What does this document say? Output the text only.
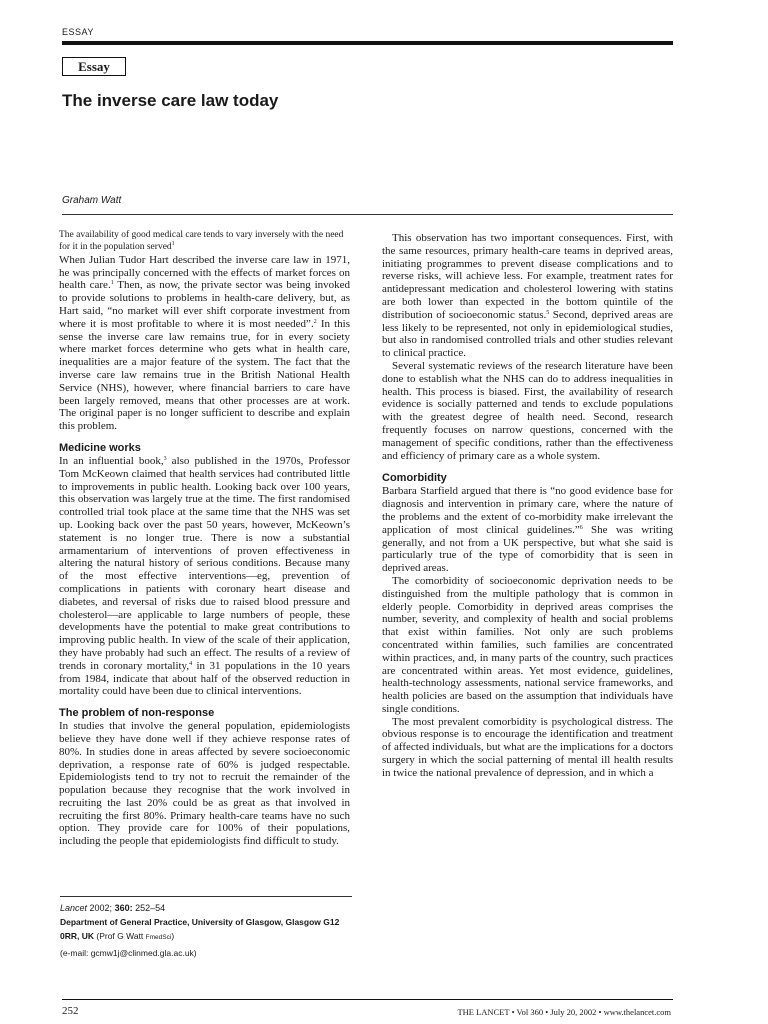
ESSAY
Essay
The inverse care law today
Graham Watt

The availability of good medical care tends to vary inversely with the need for it in the population served$^1$

When Julian Tudor Hart described the inverse care law in 1971, he was principally concerned with the effects of market forces on health care.$^1$ Then, as now, the private sector was being invoked to provide solutions to problems in health-care delivery, but, as Hart said, “no market will ever shift corporate investment from where it is most profitable to where it is most needed”.$^2$ In this sense the inverse care law remains true, for in every society where market forces determine who gets what in health care, inequalities are a major feature of the system. The fact that the inverse care law remains true in the British National Health Service (NHS), however, where financial barriers to care have been largely removed, means that other processes are at work. The original paper is no longer sufficient to describe and explain this problem.

Medicine works

In an influential book,$^3$ also published in the 1970s, Professor Tom McKeown claimed that health services had contributed little to improvements in public health. Looking back over 100 years, this observation was largely true at the time. The first randomised controlled trial took place at the same time that the NHS was set up. Looking back over the past 50 years, however, McKeown’s statement is no longer true. There is now a substantial armamentarium of interventions of proven effectiveness in altering the natural history of serious conditions. Because many of the most effective interventions—eg, prevention of complications in patients with coronary heart disease and diabetes, and reversal of risks due to raised blood pressure and cholesterol—are applicable to large numbers of people, these developments have the potential to make great contributions to improving public health. In view of the scale of their application, they have probably had such an effect. The results of a review of trends in coronary mortality,$^4$ in 31 populations in the 10 years from 1984, indicate that about half of the observed reduction in mortality could have been due to clinical interventions.

The problem of non-response

In studies that involve the general population, epidemiologists believe they have done well if they achieve response rates of 80%. In studies done in areas affected by severe socioeconomic deprivation, a response rate of 60% is judged respectable. Epidemiologists tend to try not to recruit the remainder of the population because they recognise that the work involved in recruiting the last 20% could be as great as that involved in recruiting the first 80%. Primary health-care teams have no such option. They provide care for 100% of their populations, including the people that epidemiologists find difficult to study.

This observation has two important consequences. First, with the same resources, primary health-care teams in deprived areas, initiating programmes to prevent disease complications and to reverse risks, will achieve less. For example, treatment rates for antidepressant medication and cholesterol lowering with statins are both lower than expected in the bottom quintile of the distribution of socioeconomic status.$^5$ Second, deprived areas are less likely to be represented, not only in epidemiological studies, but also in randomised controlled trials and other studies relevant to clinical practice.

Several systematic reviews of the research literature have been done to establish what the NHS can do to address inequalities in health. This process is biased. First, the availability of research evidence is socially patterned and tends to exclude populations with the greatest degree of health need. Second, research frequently focuses on narrow questions, concerned with the management of specific conditions, rather than the effectiveness and efficiency of primary care as a whole system.

Comorbidity

Barbara Starfield argued that there is “no good evidence base for diagnosis and intervention in primary care, where the nature of the problems and the extent of co-morbidity make irrelevant the application of most clinical guidelines.”$^6$ She was writing generally, and not from a UK perspective, but what she said is particularly true of the type of comorbidity that is seen in deprived areas.

The comorbidity of socioeconomic deprivation needs to be distinguished from the multiple pathology that is common in elderly people. Comorbidity in deprived areas comprises the number, severity, and complexity of health and social problems that exist within families. Not only are such problems concentrated within families, such families are concentrated within practices, and, in many parts of the country, such practices are concentrated within areas. Yet most evidence, guidelines, health-technology assessments, national service frameworks, and health policies are based on the assumption that individuals have single conditions.

The most prevalent comorbidity is psychological distress. The obvious response is to encourage the identification and treatment of affected individuals, but what are the implications for a doctors surgery in which the social patterning of mental ill health results in twice the national prevalence of depression, and in which a

Lancet 2002; 360: 252–54
Department of General Practice, University of Glasgow, Glasgow G12 0RR, UK (Prof G Watt FmedSci)
(e-mail: gcmw1j@clinmed.gla.ac.uk)
252	THE LANCET • Vol 360 • July 20, 2002 • www.thelancet.com
